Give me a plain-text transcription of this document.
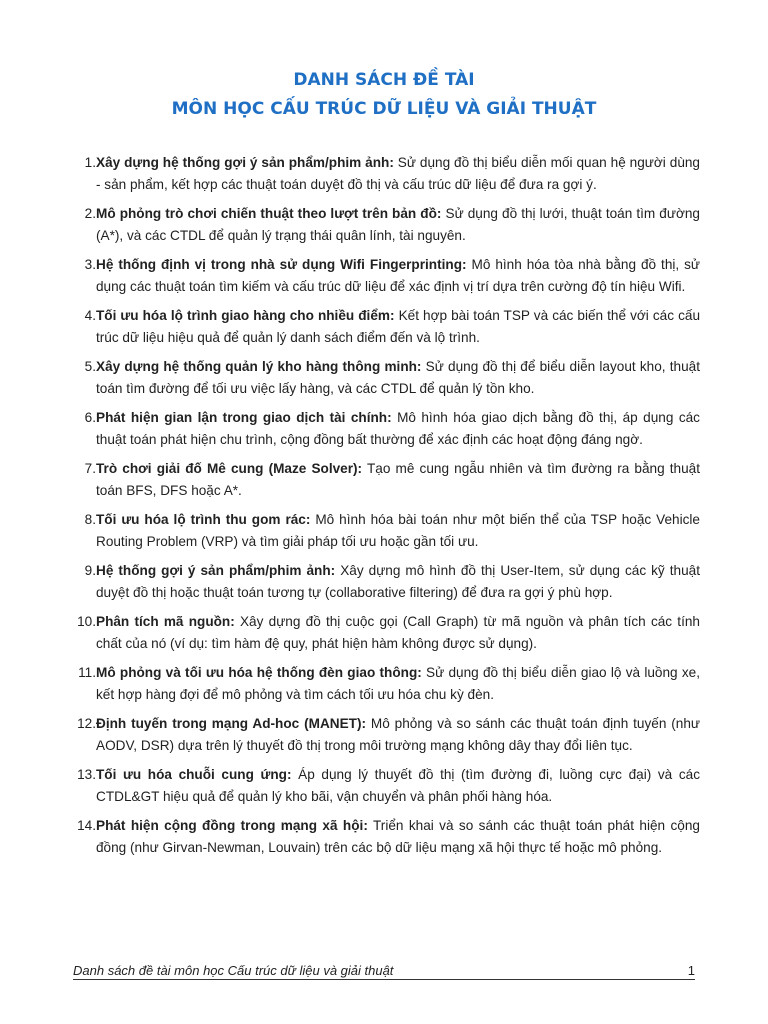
DANH SÁCH ĐỀ TÀI
MÔN HỌC CẤU TRÚC DỮ LIỆU VÀ GIẢI THUẬT
1. Xây dựng hệ thống gợi ý sản phẩm/phim ảnh: Sử dụng đồ thị biểu diễn mối quan hệ người dùng - sản phẩm, kết hợp các thuật toán duyệt đồ thị và cấu trúc dữ liệu để đưa ra gợi ý.
2. Mô phỏng trò chơi chiến thuật theo lượt trên bản đồ: Sử dụng đồ thị lưới, thuật toán tìm đường (A*), và các CTDL để quản lý trạng thái quân lính, tài nguyên.
3. Hệ thống định vị trong nhà sử dụng Wifi Fingerprinting: Mô hình hóa tòa nhà bằng đồ thị, sử dụng các thuật toán tìm kiếm và cấu trúc dữ liệu để xác định vị trí dựa trên cường độ tín hiệu Wifi.
4. Tối ưu hóa lộ trình giao hàng cho nhiều điểm: Kết hợp bài toán TSP và các biến thể với các cấu trúc dữ liệu hiệu quả để quản lý danh sách điểm đến và lộ trình.
5. Xây dựng hệ thống quản lý kho hàng thông minh: Sử dụng đồ thị để biểu diễn layout kho, thuật toán tìm đường để tối ưu việc lấy hàng, và các CTDL để quản lý tồn kho.
6. Phát hiện gian lận trong giao dịch tài chính: Mô hình hóa giao dịch bằng đồ thị, áp dụng các thuật toán phát hiện chu trình, cộng đồng bất thường để xác định các hoạt động đáng ngờ.
7. Trò chơi giải đố Mê cung (Maze Solver): Tạo mê cung ngẫu nhiên và tìm đường ra bằng thuật toán BFS, DFS hoặc A*.
8. Tối ưu hóa lộ trình thu gom rác: Mô hình hóa bài toán như một biến thể của TSP hoặc Vehicle Routing Problem (VRP) và tìm giải pháp tối ưu hoặc gần tối ưu.
9. Hệ thống gợi ý sản phẩm/phim ảnh: Xây dựng mô hình đồ thị User-Item, sử dụng các kỹ thuật duyệt đồ thị hoặc thuật toán tương tự (collaborative filtering) để đưa ra gợi ý phù hợp.
10. Phân tích mã nguồn: Xây dựng đồ thị cuộc gọi (Call Graph) từ mã nguồn và phân tích các tính chất của nó (ví dụ: tìm hàm đệ quy, phát hiện hàm không được sử dụng).
11. Mô phỏng và tối ưu hóa hệ thống đèn giao thông: Sử dụng đồ thị biểu diễn giao lộ và luồng xe, kết hợp hàng đợi để mô phỏng và tìm cách tối ưu hóa chu kỳ đèn.
12. Định tuyến trong mạng Ad-hoc (MANET): Mô phỏng và so sánh các thuật toán định tuyến (như AODV, DSR) dựa trên lý thuyết đồ thị trong môi trường mạng không dây thay đổi liên tục.
13. Tối ưu hóa chuỗi cung ứng: Áp dụng lý thuyết đồ thị (tìm đường đi, luồng cực đại) và các CTDL&GT hiệu quả để quản lý kho bãi, vận chuyển và phân phối hàng hóa.
14. Phát hiện cộng đồng trong mạng xã hội: Triển khai và so sánh các thuật toán phát hiện cộng đồng (như Girvan-Newman, Louvain) trên các bộ dữ liệu mạng xã hội thực tế hoặc mô phỏng.
Danh sách đề tài môn học Cấu trúc dữ liệu và giải thuật	1
